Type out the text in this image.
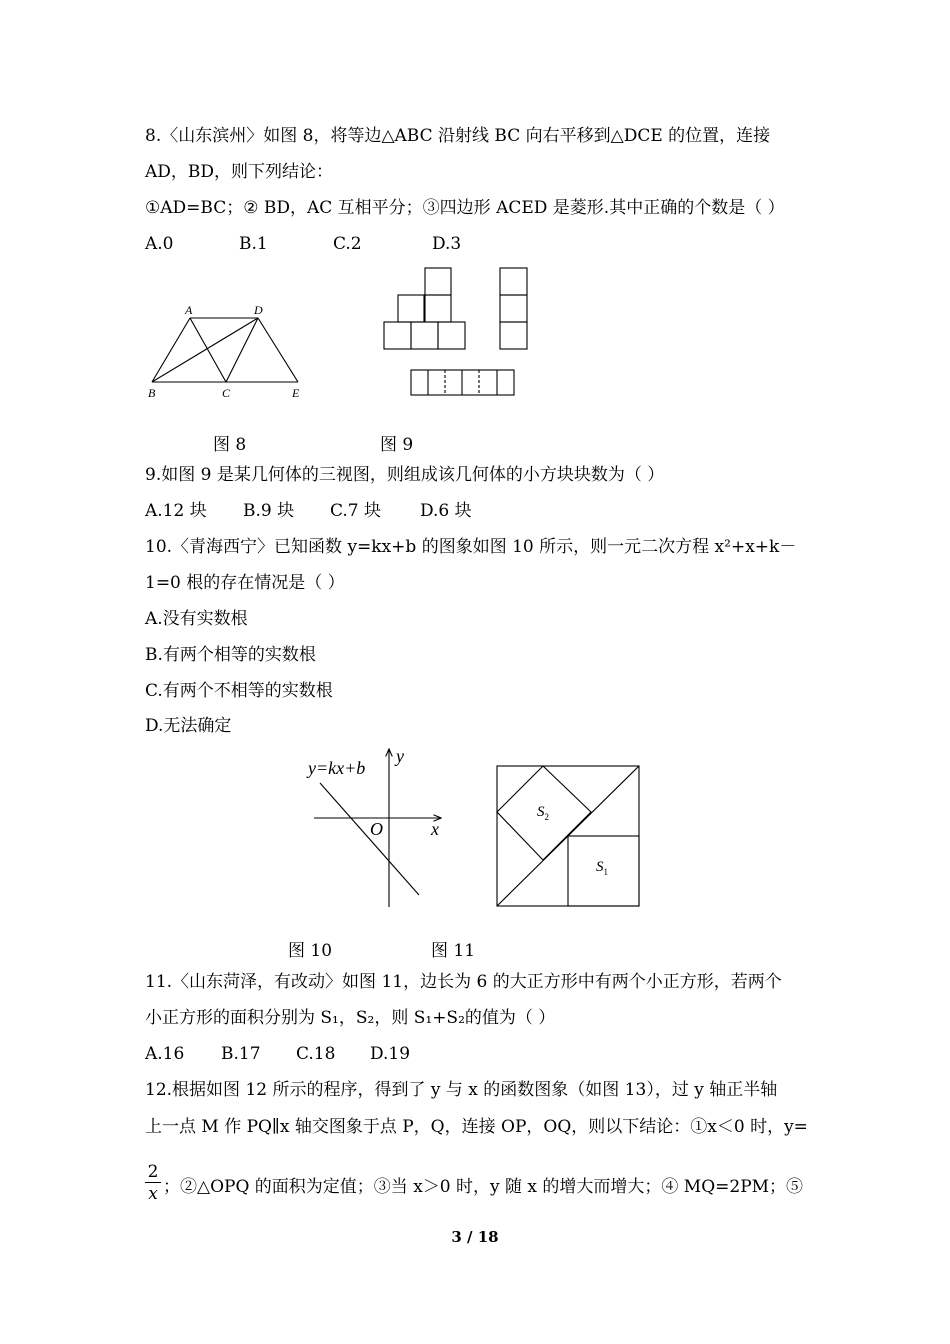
8.〈山东滨州〉如图 8，将等边△ABC 沿射线 BC 向右平移到△DCE 的位置，连接
AD，BD，则下列结论：
①AD=BC；② BD，AC 互相平分；③四边形 ACED 是菱形.其中正确的个数是（ ）
A.0	B.1	C.2	D.3
A	D
B	C	E
图 8	图 9
9.如图 9 是某几何体的三视图，则组成该几何体的小方块块数为（ ）
A.12 块 B.9 块 C.7 块 D.6 块
10.〈青海西宁〉已知函数 y=kx+b 的图象如图 10 所示，则一元二次方程 x²+x+k－
1=0 根的存在情况是（ ）
A.没有实数根
B.有两个相等的实数根
C.有两个不相等的实数根
D.无法确定
y=kx+b
y
x
O
$S_2$
$S_1$
图 10	图 11
11.〈山东菏泽，有改动〉如图 11，边长为 6 的大正方形中有两个小正方形，若两个
小正方形的面积分别为 S₁，S₂，则 S₁+S₂的值为（ ）
A.16 B.17 C.18 D.19
12.根据如图 12 所示的程序，得到了 y 与 x 的函数图象（如图 13），过 y 轴正半轴
上一点 M 作 PQ∥x 轴交图象于点 P，Q，连接 OP，OQ，则以下结论：①x＜0 时，y=
$\frac{2}{x}$ ；②△OPQ 的面积为定值；③当 x＞0 时，y 随 x 的增大而增大；④ MQ=2PM；⑤
3 / 18
